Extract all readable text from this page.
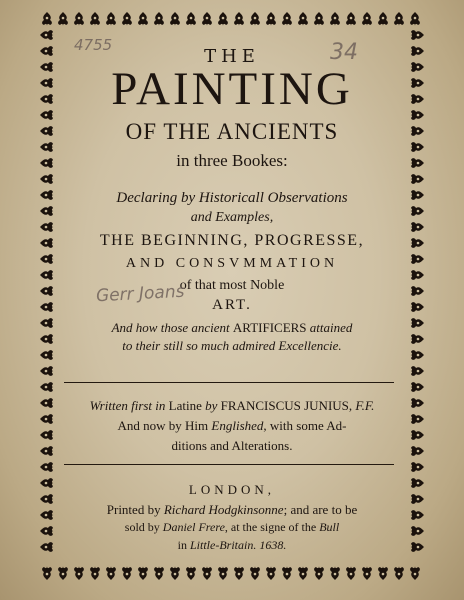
4755	34
THE
PAINTING
OF THE ANCIENTS
in three Bookes:
Declaring by Historicall Observations
and Examples,
THE BEGINNING, PROGRESSE,
AND CONSVMMATION
of that most Noble
Gerr Joans	ART.
And how those ancient ARTIFICERS attained
to their still so much admired Excellencie.
Written first in Latine by FRANCISCUS JUNIUS, F.F.
And now by Him Englished, with some Ad-
ditions and Alterations.
LONDON,
Printed by Richard Hodgkinsonne; and are to be
sold by Daniel Frere, at the signe of the Bull
in Little-Britain. 1638.
